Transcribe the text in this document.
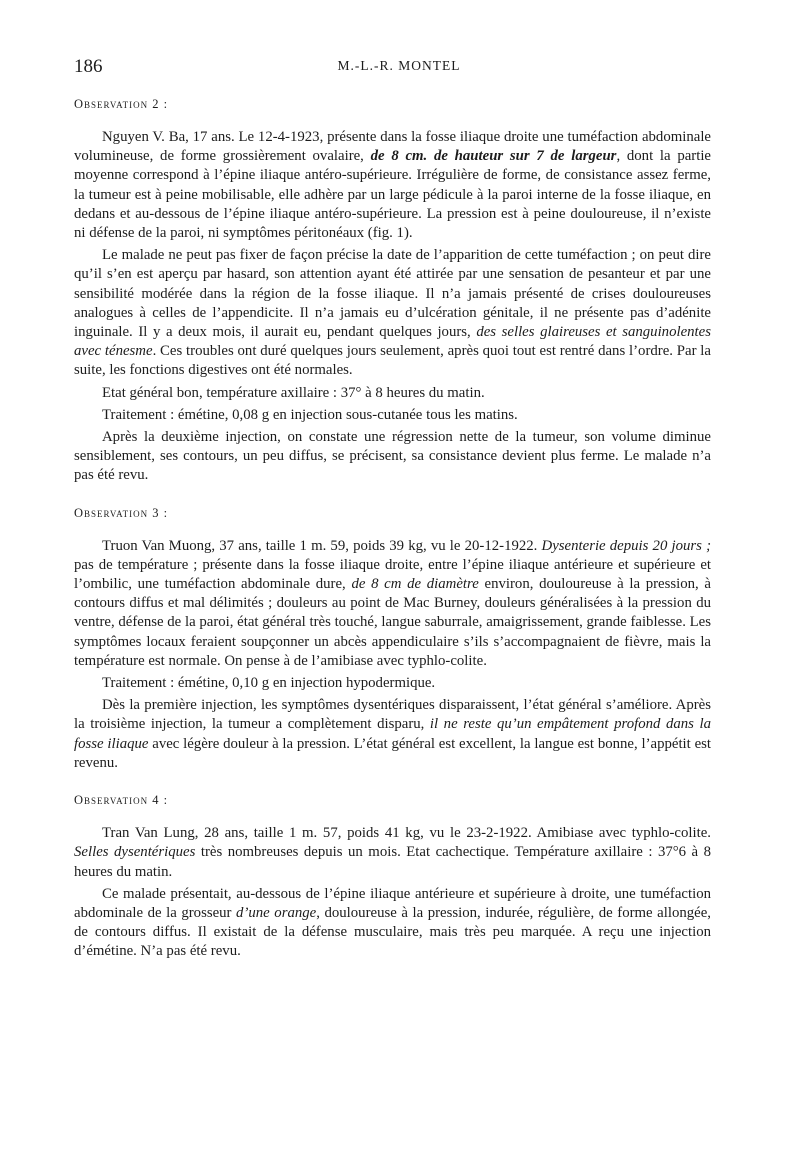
186	M.-L.-R. MONTEL
Observation 2 :

Nguyen V. Ba, 17 ans. Le 12-4-1923, présente dans la fosse iliaque droite une tuméfaction abdominale volumineuse, de forme grossièrement ovalaire, de 8 cm. de hauteur sur 7 de largeur, dont la partie moyenne correspond à l’épine iliaque antéro-supérieure. Irrégulière de forme, de consistance assez ferme, la tumeur est à peine mobilisable, elle adhère par un large pédicule à la paroi interne de la fosse iliaque, en dedans et au-dessous de l’épine iliaque antéro-supérieure. La pression est à peine douloureuse, il n’existe ni défense de la paroi, ni symptômes péritonéaux (fig. 1).

Le malade ne peut pas fixer de façon précise la date de l’apparition de cette tuméfaction ; on peut dire qu’il s’en est aperçu par hasard, son attention ayant été attirée par une sensation de pesanteur et par une sensibilité modérée dans la région de la fosse iliaque. Il n’a jamais présenté de crises douloureuses analogues à celles de l’appendicite. Il n’a jamais eu d’ulcération génitale, il ne présente pas d’adénite inguinale. Il y a deux mois, il aurait eu, pendant quelques jours, des selles glaireuses et sanguinolentes avec ténesme. Ces troubles ont duré quelques jours seulement, après quoi tout est rentré dans l’ordre. Par la suite, les fonctions digestives ont été normales.

Etat général bon, température axillaire : 37° à 8 heures du matin.

Traitement : émétine, 0,08 g en injection sous-cutanée tous les matins.

Après la deuxième injection, on constate une régression nette de la tumeur, son volume diminue sensiblement, ses contours, un peu diffus, se précisent, sa consistance devient plus ferme. Le malade n’a pas été revu.

Observation 3 :

Truon Van Muong, 37 ans, taille 1 m. 59, poids 39 kg, vu le 20-12-1922. Dysenterie depuis 20 jours ; pas de température ; présente dans la fosse iliaque droite, entre l’épine iliaque antérieure et supérieure et l’ombilic, une tuméfaction abdominale dure, de 8 cm de diamètre environ, douloureuse à la pression, à contours diffus et mal délimités ; douleurs au point de Mac Burney, douleurs généralisées à la pression du ventre, défense de la paroi, état général très touché, langue saburrale, amaigrissement, grande faiblesse. Les symptômes locaux feraient soupçonner un abcès appendiculaire s’ils s’accompagnaient de fièvre, mais la température est normale. On pense à de l’amibiase avec typhlo-colite.

Traitement : émétine, 0,10 g en injection hypodermique.

Dès la première injection, les symptômes dysentériques disparaissent, l’état général s’améliore. Après la troisième injection, la tumeur a complètement disparu, il ne reste qu’un empâtement profond dans la fosse iliaque avec légère douleur à la pression. L’état général est excellent, la langue est bonne, l’appétit est revenu.

Observation 4 :

Tran Van Lung, 28 ans, taille 1 m. 57, poids 41 kg, vu le 23-2-1922. Amibiase avec typhlo-colite. Selles dysentériques très nombreuses depuis un mois. Etat cachectique. Température axillaire : 37°6 à 8 heures du matin.

Ce malade présentait, au-dessous de l’épine iliaque antérieure et supérieure à droite, une tuméfaction abdominale de la grosseur d’une orange, douloureuse à la pression, indurée, régulière, de forme allongée, de contours diffus. Il existait de la défense musculaire, mais très peu marquée. A reçu une injection d’émétine. N’a pas été revu.
